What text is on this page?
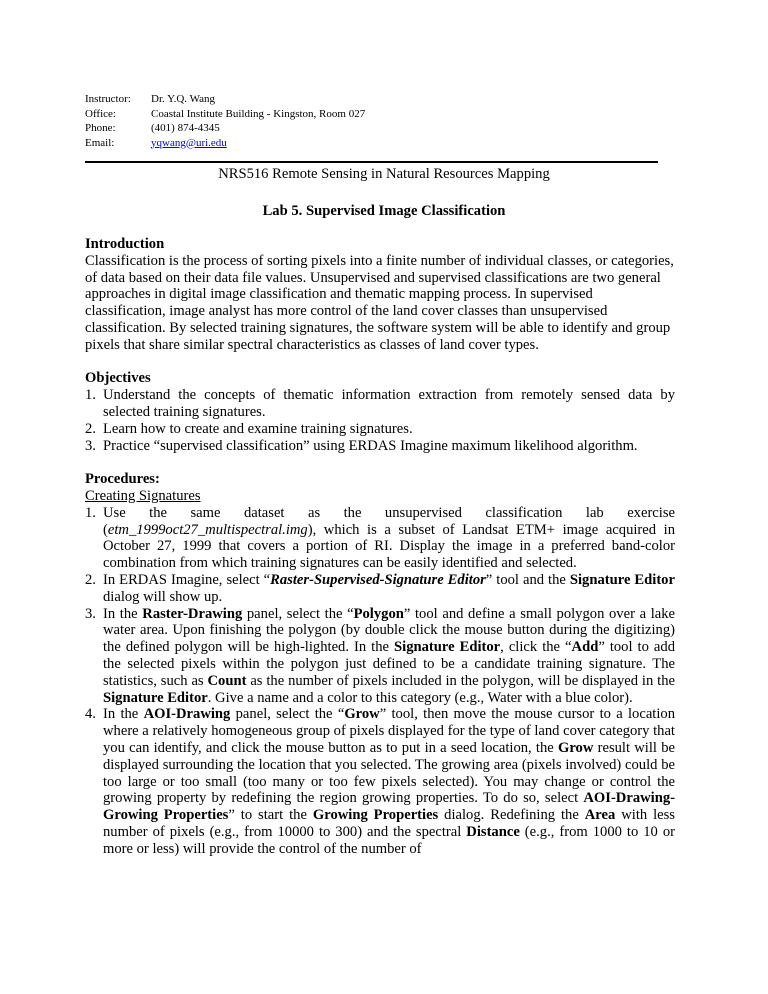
Instructor:	Dr. Y.Q. Wang
Office:	Coastal Institute Building - Kingston, Room 027
Phone:	(401) 874-4345
Email:	yqwang@uri.edu
NRS516 Remote Sensing in Natural Resources Mapping
Lab 5. Supervised Image Classification

Introduction

Classification is the process of sorting pixels into a finite number of individual classes, or categories, of data based on their data file values. Unsupervised and supervised classifications are two general approaches in digital image classification and thematic mapping process. In supervised classification, image analyst has more control of the land cover classes than unsupervised classification. By selected training signatures, the software system will be able to identify and group pixels that share similar spectral characteristics as classes of land cover types.

Objectives

1. Understand the concepts of thematic information extraction from remotely sensed data by selected training signatures.
2. Learn how to create and examine training signatures.
3. Practice “supervised classification” using ERDAS Imagine maximum likelihood algorithm.

Procedures:

Creating Signatures

1. Use the same dataset as the unsupervised classification lab exercise (etm_1999oct27_multispectral.img), which is a subset of Landsat ETM+ image acquired in October 27, 1999 that covers a portion of RI. Display the image in a preferred band-color combination from which training signatures can be easily identified and selected.
2. In ERDAS Imagine, select “Raster-Supervised-Signature Editor” tool and the Signature Editor dialog will show up.
3. In the Raster-Drawing panel, select the “Polygon” tool and define a small polygon over a lake water area. Upon finishing the polygon (by double click the mouse button during the digitizing) the defined polygon will be high-lighted. In the Signature Editor, click the “Add” tool to add the selected pixels within the polygon just defined to be a candidate training signature. The statistics, such as Count as the number of pixels included in the polygon, will be displayed in the Signature Editor. Give a name and a color to this category (e.g., Water with a blue color).
4. In the AOI-Drawing panel, select the “Grow” tool, then move the mouse cursor to a location where a relatively homogeneous group of pixels displayed for the type of land cover category that you can identify, and click the mouse button as to put in a seed location, the Grow result will be displayed surrounding the location that you selected. The growing area (pixels involved) could be too large or too small (too many or too few pixels selected). You may change or control the growing property by redefining the region growing properties. To do so, select AOI-Drawing-Growing Properties” to start the Growing Properties dialog. Redefining the Area with less number of pixels (e.g., from 10000 to 300) and the spectral Distance (e.g., from 1000 to 10 or more or less) will provide the control of the number of
